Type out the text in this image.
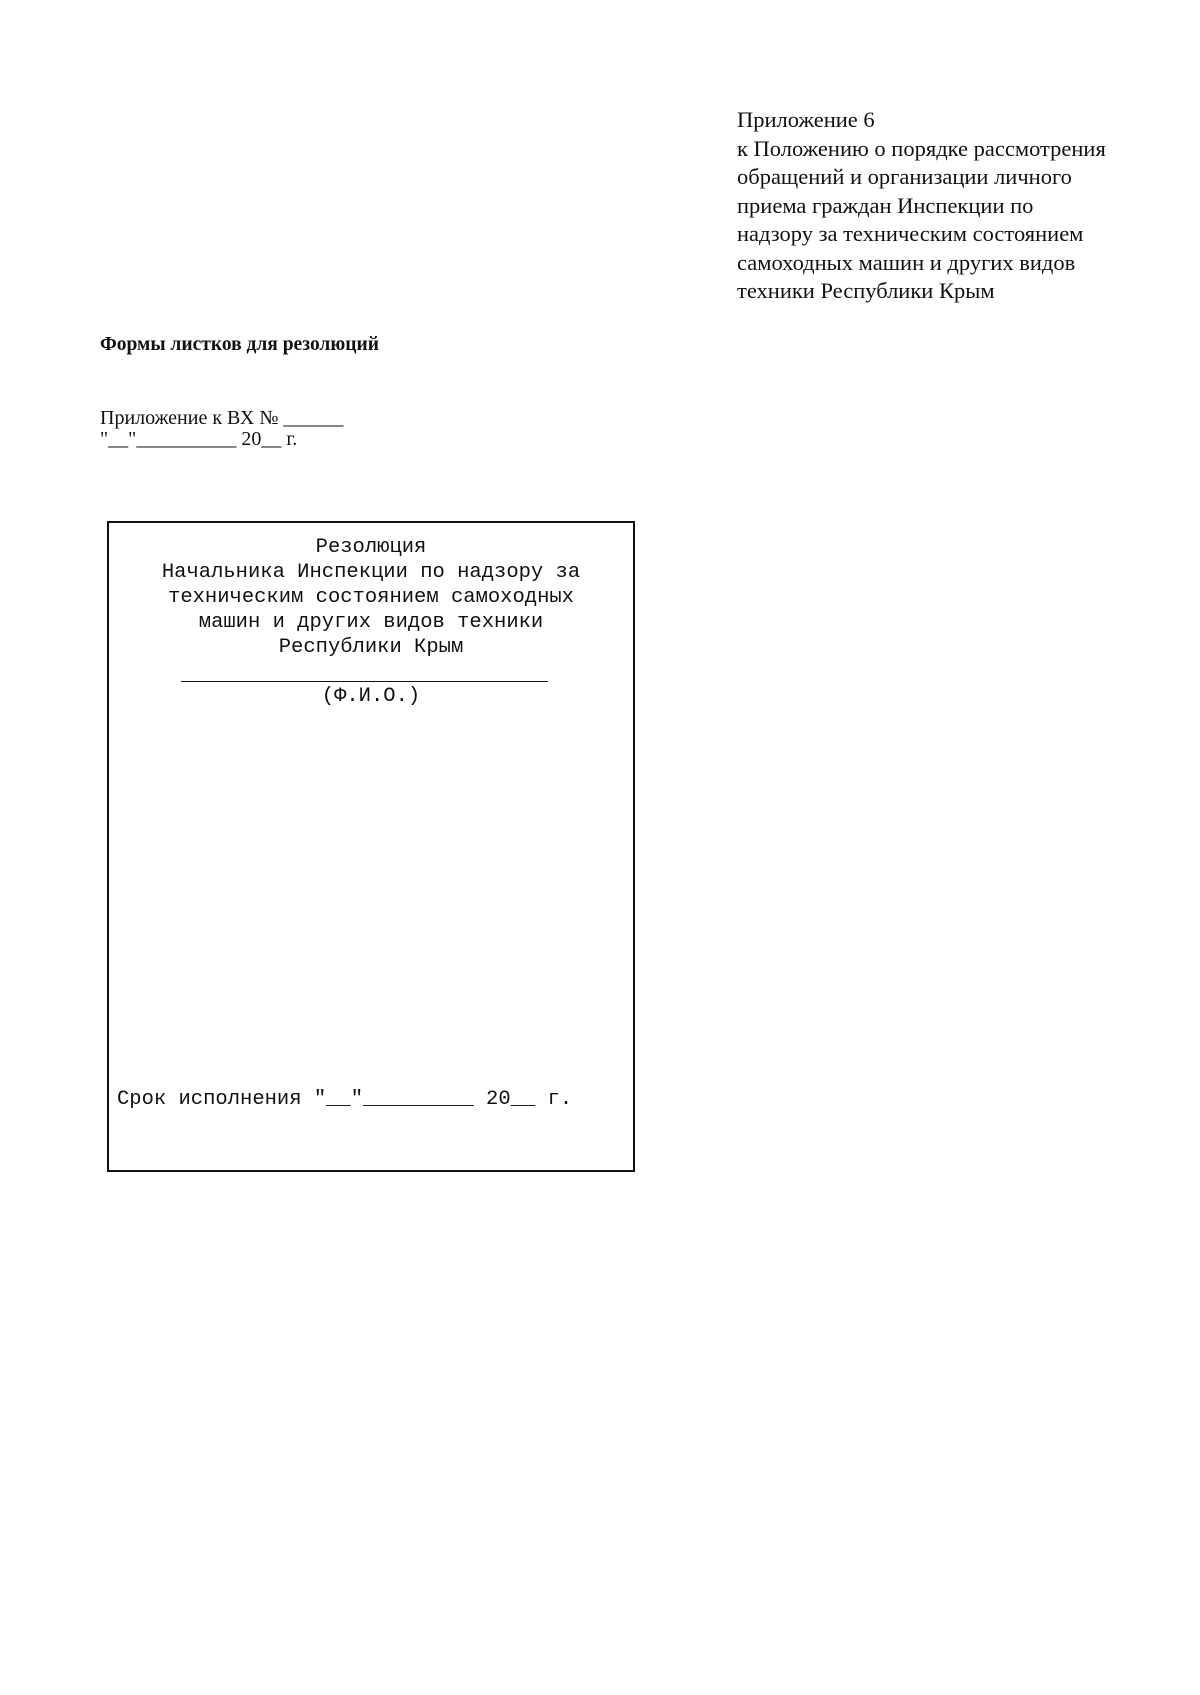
Приложение 6
к Положению о порядке рассмотрения
обращений и организации личного
приема граждан Инспекции по
надзору за техническим состоянием
самоходных машин и других видов
техники Республики Крым
Формы листков для резолюций
Приложение к ВХ № ______
"__"__________ 20__ г.
Резолюция
Начальника Инспекции по надзору за
техническим состоянием самоходных
машин и других видов техники
Республики Крым
(Ф.И.О.)
Срок исполнения "__"_________ 20__ г.
